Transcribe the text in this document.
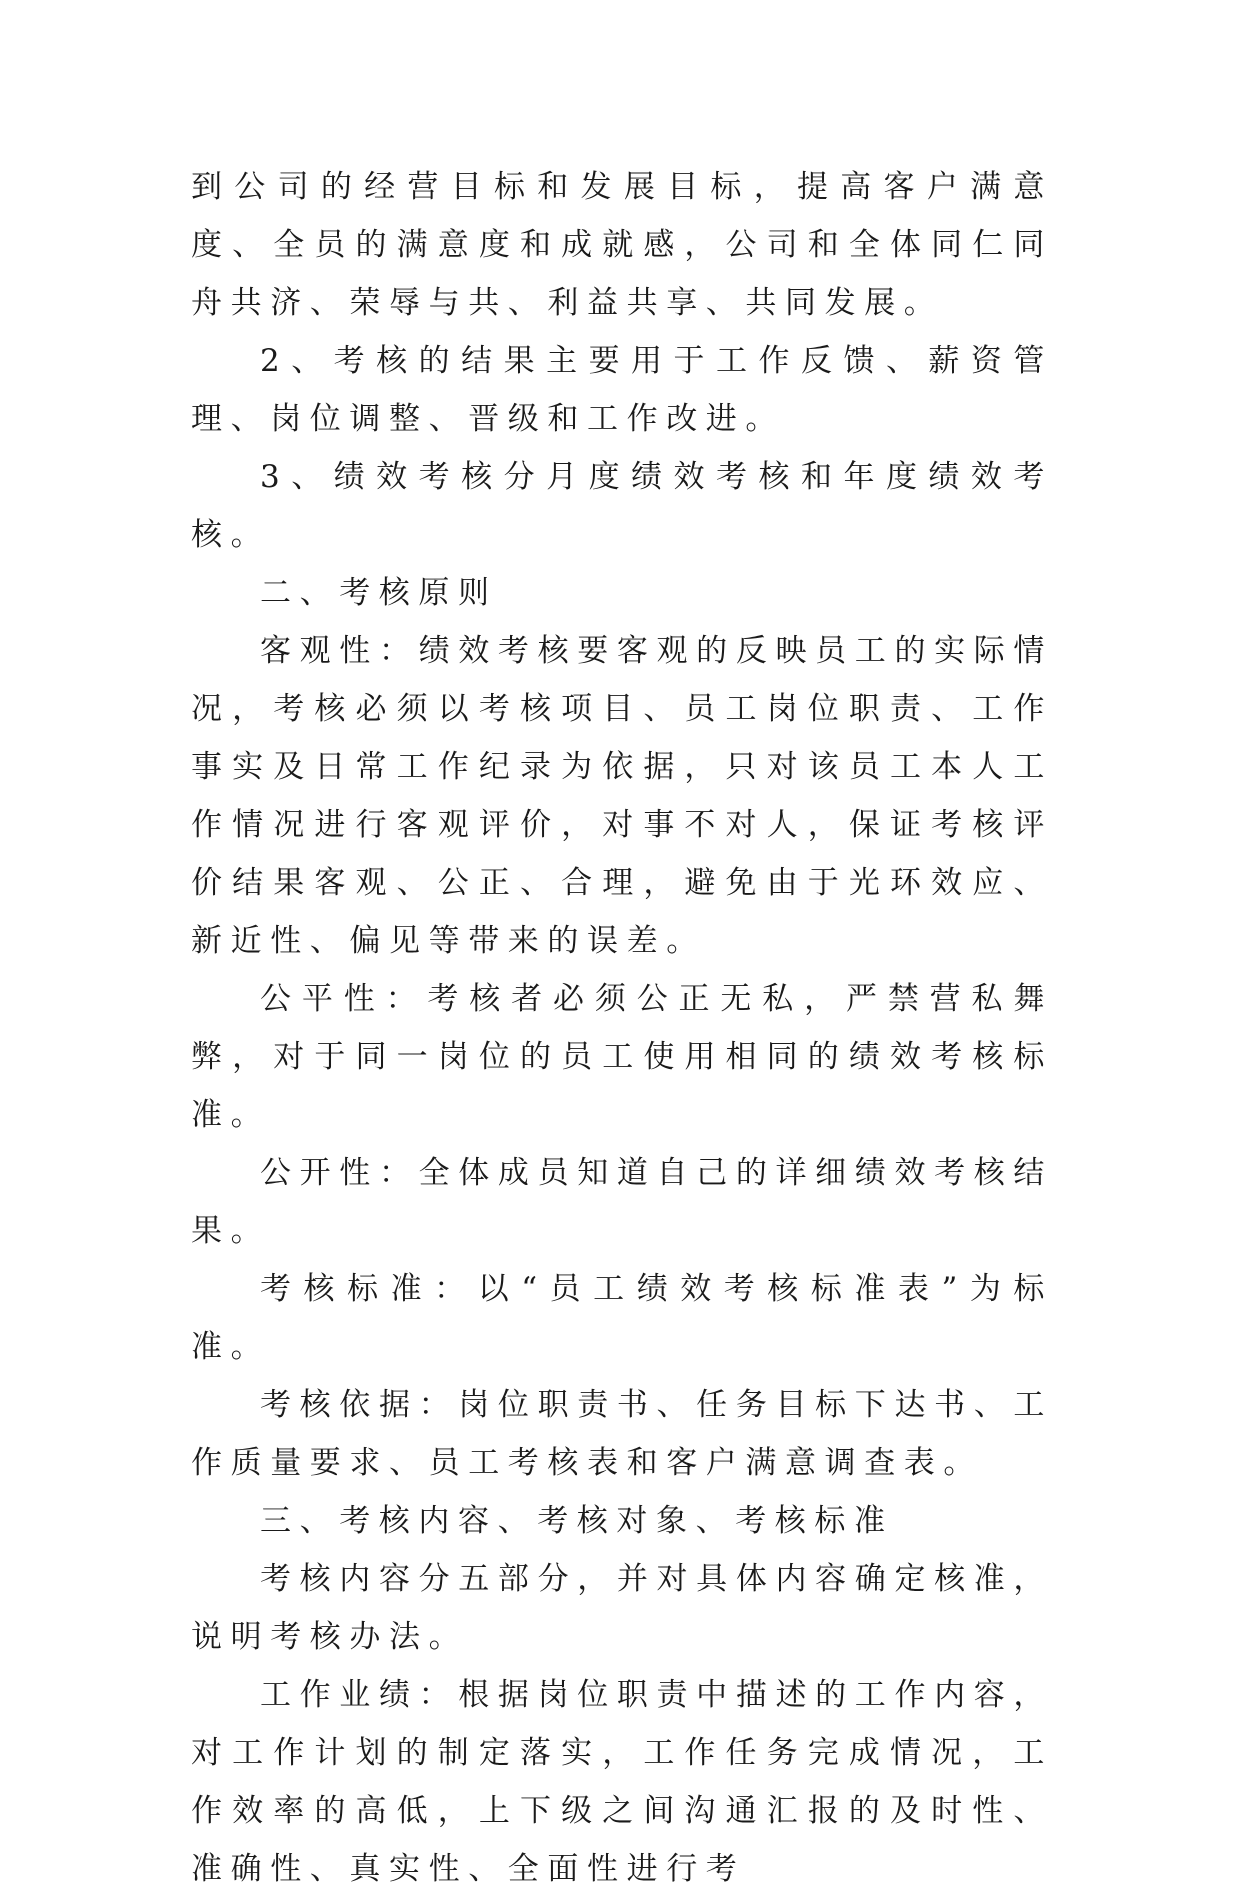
到公司的经营目标和发展目标，提高客户满意度、全员的满意度和成就感，公司和全体同仁同舟共济、荣辱与共、利益共享、共同发展。

2、考核的结果主要用于工作反馈、薪资管理、岗位调整、晋级和工作改进。

3、绩效考核分月度绩效考核和年度绩效考核。

二、考核原则

客观性：绩效考核要客观的反映员工的实际情况，考核必须以考核项目、员工岗位职责、工作事实及日常工作纪录为依据，只对该员工本人工作情况进行客观评价，对事不对人，保证考核评价结果客观、公正、合理，避免由于光环效应、新近性、偏见等带来的误差。

公平性：考核者必须公正无私，严禁营私舞弊，对于同一岗位的员工使用相同的绩效考核标准。

公开性：全体成员知道自己的详细绩效考核结果。

考核标准：以“员工绩效考核标准表”为标准。

考核依据：岗位职责书、任务目标下达书、工作质量要求、员工考核表和客户满意调查表。

三、考核内容、考核对象、考核标准

考核内容分五部分，并对具体内容确定核准，说明考核办法。

工作业绩：根据岗位职责中描述的工作内容，对工作计划的制定落实，工作任务完成情况，工作效率的高低，上下级之间沟通汇报的及时性、准确性、真实性、全面性进行考
